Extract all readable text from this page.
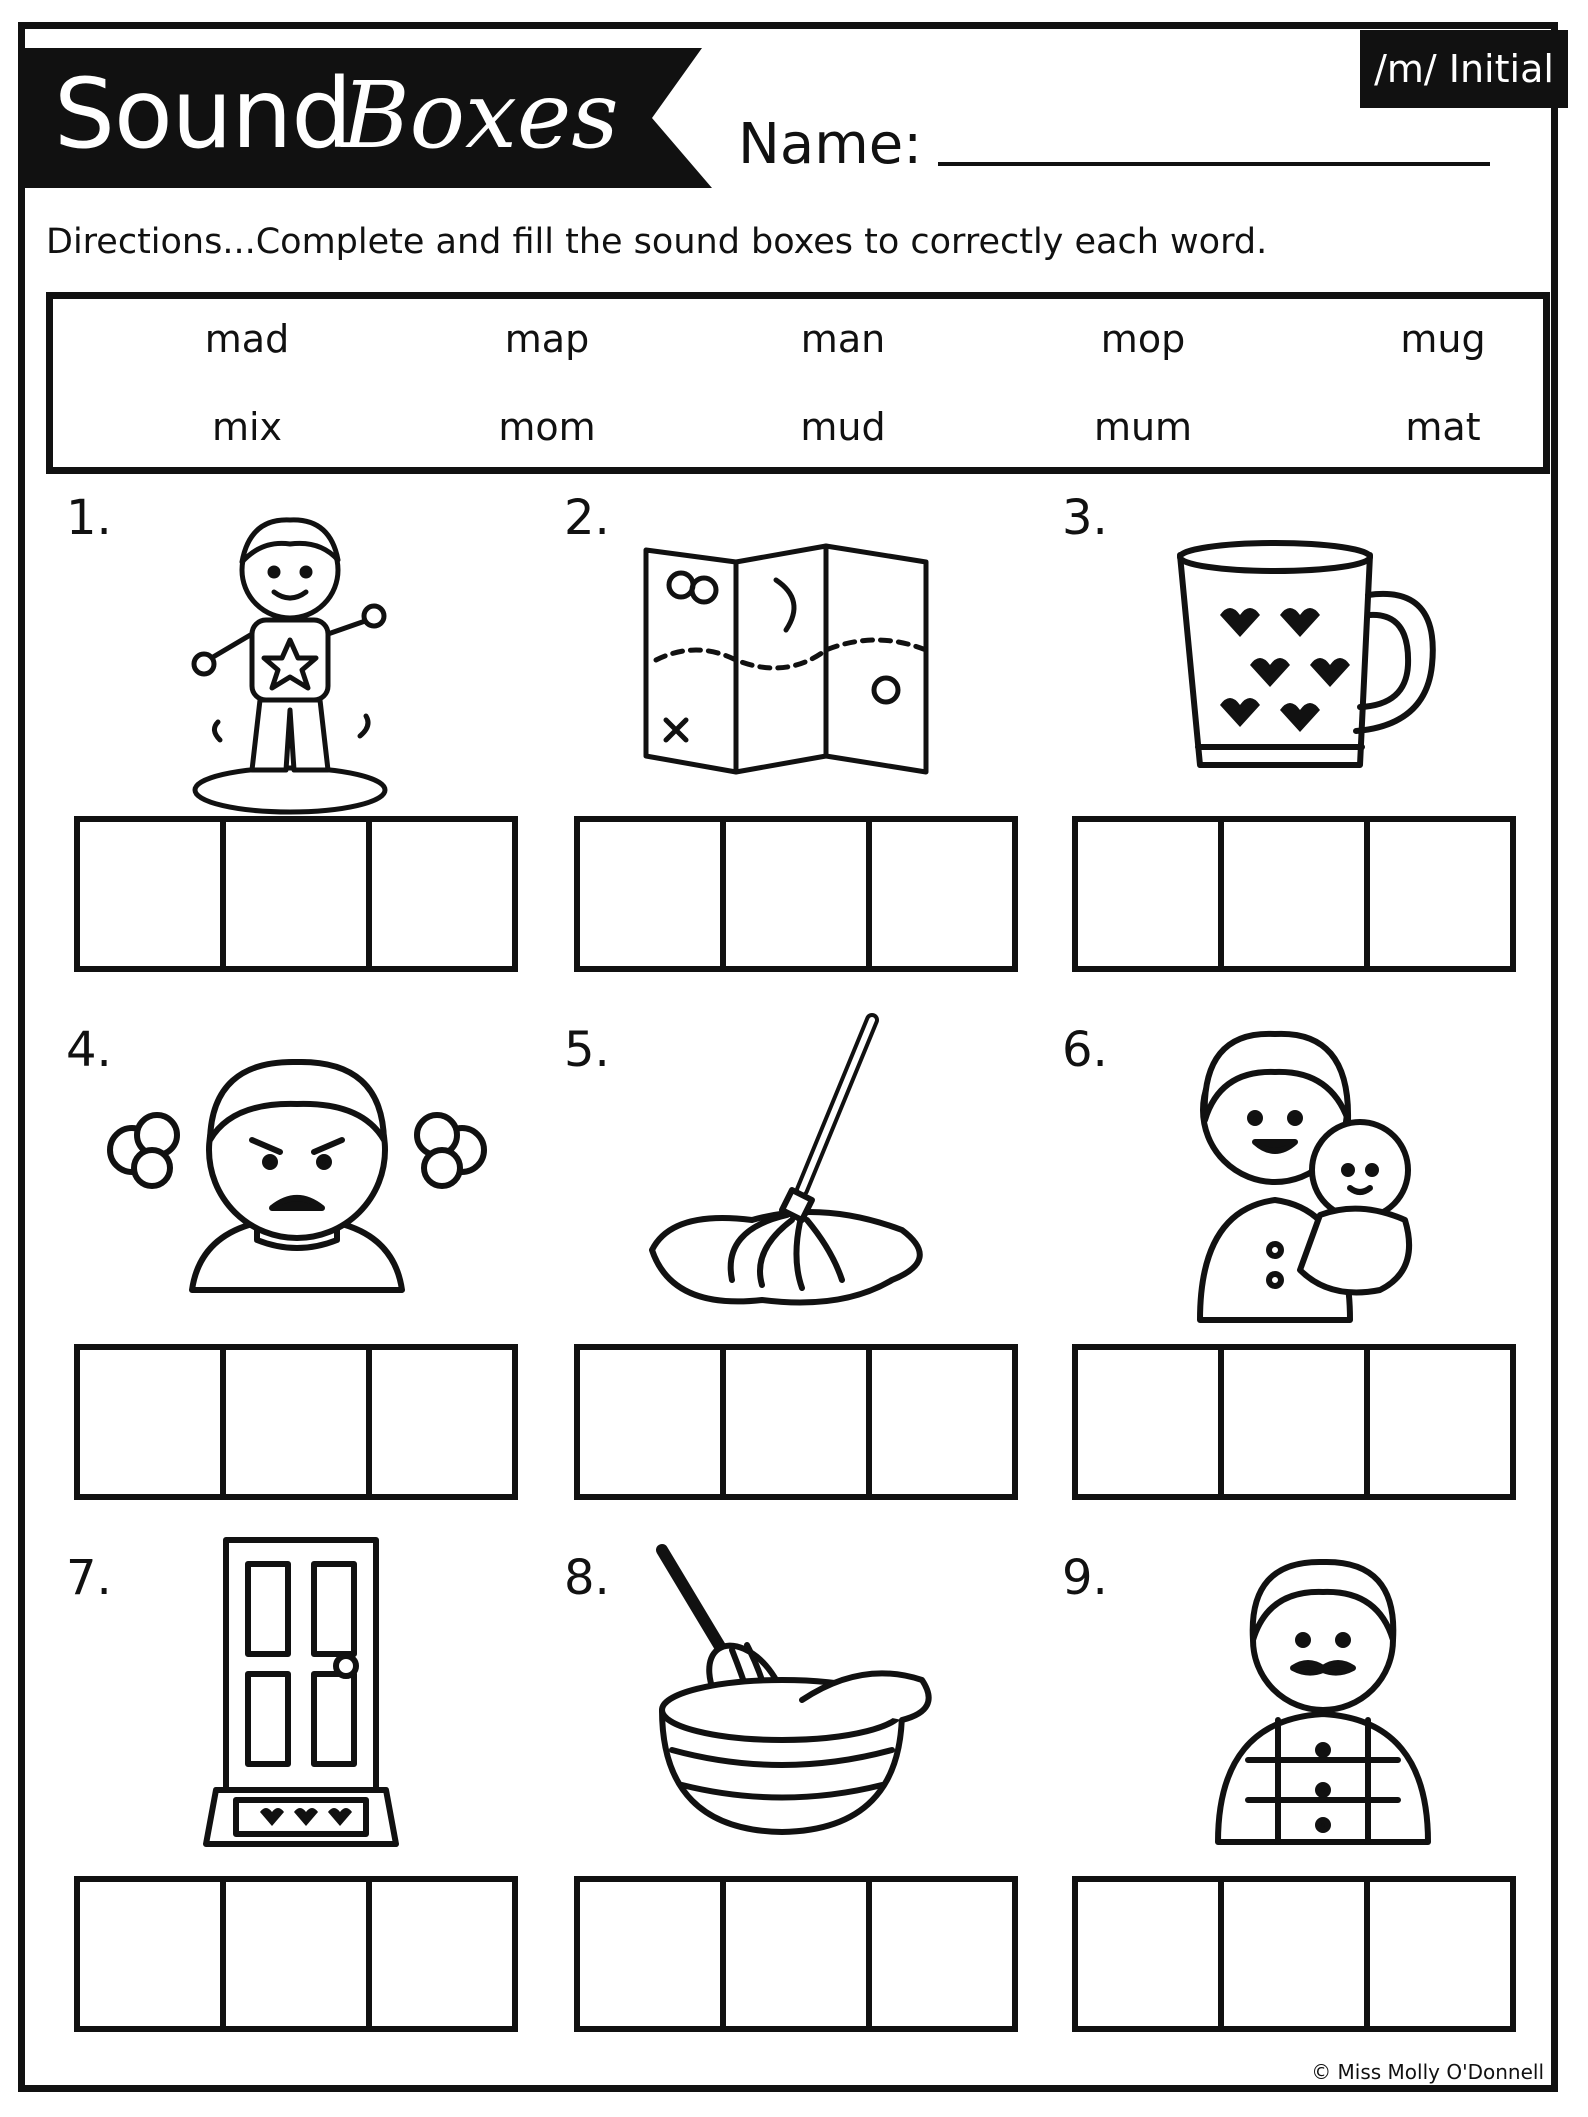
Sound
Boxes	/m/ Initial
Name:
Directions...Complete and fill the sound boxes to correctly each word.
mad	map	man	mop	mug
mix	mom	mud	mum	mat
1.	2.	3.
4.	5.	6.
7.	8.	9.
© Miss Molly O'Donnell
